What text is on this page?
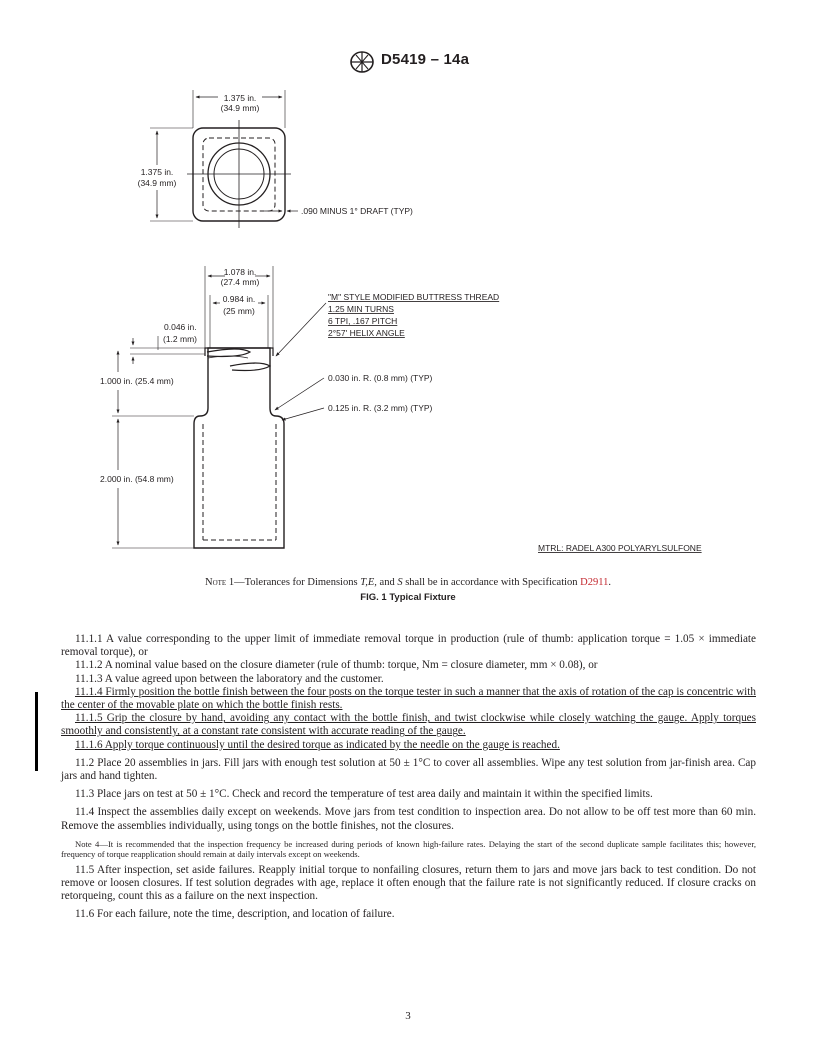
D5419 – 14a
1.375 in.
(34.9 mm)
1.375 in.
(34.9 mm)
.090 MINUS 1° DRAFT (TYP)
1.078 in.
(27.4 mm)
0.984 in.
(25 mm)
0.046 in.
(1.2 mm)
"M" STYLE MODIFIED BUTTRESS THREAD
1.25 MIN TURNS
6 TPI, .167 PITCH
2°57' HELIX ANGLE
1.000 in. (25.4 mm)
2.000 in. (54.8 mm)
0.030 in. R. (0.8 mm) (TYP)
0.125 in. R. (3.2 mm) (TYP)
MTRL: RADEL A300 POLYARYLSULFONE
Note 1—Tolerances for Dimensions T,E, and S shall be in accordance with Specification D2911.
FIG. 1 Typical Fixture

11.1.1 A value corresponding to the upper limit of immediate removal torque in production (rule of thumb: application torque = 1.05 × immediate removal torque), or

11.1.2 A nominal value based on the closure diameter (rule of thumb: torque, Nm = closure diameter, mm × 0.08), or

11.1.3 A value agreed upon between the laboratory and the customer.

11.1.4 Firmly position the bottle finish between the four posts on the torque tester in such a manner that the axis of rotation of the cap is concentric with the center of the movable plate on which the bottle finish rests.

11.1.5 Grip the closure by hand, avoiding any contact with the bottle finish, and twist clockwise while closely watching the gauge. Apply torques smoothly and consistently, at a constant rate consistent with accurate reading of the gauge.

11.1.6 Apply torque continuously until the desired torque as indicated by the needle on the gauge is reached.

11.2 Place 20 assemblies in jars. Fill jars with enough test solution at 50 ± 1°C to cover all assemblies. Wipe any test solution from jar-finish area. Cap jars and hand tighten.

11.3 Place jars on test at 50 ± 1°C. Check and record the temperature of test area daily and maintain it within the specified limits.

11.4 Inspect the assemblies daily except on weekends. Move jars from test condition to inspection area. Do not allow to be off test more than 60 min. Remove the assemblies individually, using tongs on the bottle finishes, not the closures.

Note 4—It is recommended that the inspection frequency be increased during periods of known high-failure rates. Delaying the start of the second duplicate sample facilitates this; however, frequency of torque reapplication should remain at daily intervals except on weekends.

11.5 After inspection, set aside failures. Reapply initial torque to nonfailing closures, return them to jars and move jars back to test condition. Do not remove or loosen closures. If test solution degrades with age, replace it often enough that the failure rate is not significantly reduced. If closure cracks on retorqueing, count this as a failure on the next inspection.

11.6 For each failure, note the time, description, and location of failure.

3
